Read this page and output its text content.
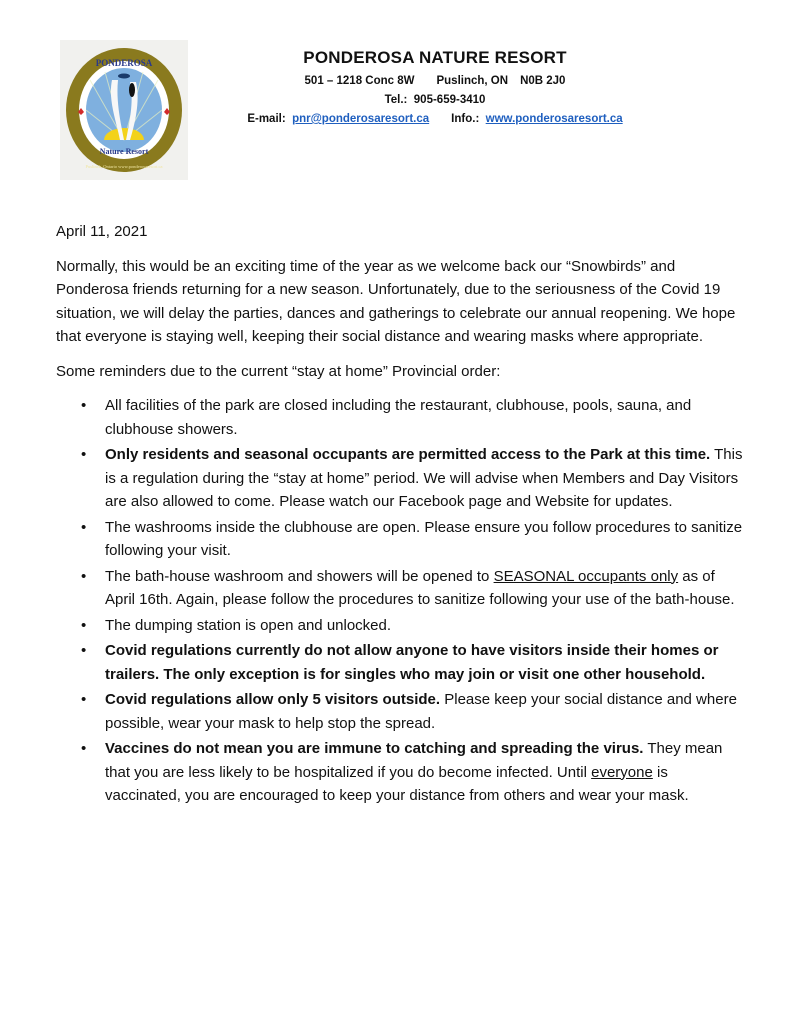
PONDEROSA
Nature Resort
Puslinch, Ontario www.ponderosaresort.ca
PONDEROSA NATURE RESORT
501 – 1218 Conc 8W Puslinch, ON N0B 2J0
Tel.: 905-659-3410
E-mail: pnr@ponderosaresort.ca Info.: www.ponderosaresort.ca
April 11, 2021

Normally, this would be an exciting time of the year as we welcome back our “Snowbirds” and Ponderosa friends returning for a new season. Unfortunately, due to the seriousness of the Covid 19 situation, we will delay the parties, dances and gatherings to celebrate our annual reopening. We hope that everyone is staying well, keeping their social distance and wearing masks where appropriate.

Some reminders due to the current “stay at home” Provincial order:

• All facilities of the park are closed including the restaurant, clubhouse, pools, sauna, and clubhouse showers.
• Only residents and seasonal occupants are permitted access to the Park at this time. This is a regulation during the “stay at home” period. We will advise when Members and Day Visitors are also allowed to come. Please watch our Facebook page and Website for updates.
• The washrooms inside the clubhouse are open. Please ensure you follow procedures to sanitize following your visit.
• The bath-house washroom and showers will be opened to SEASONAL occupants only as of April 16th. Again, please follow the procedures to sanitize following your use of the bath-house.
• The dumping station is open and unlocked.
• Covid regulations currently do not allow anyone to have visitors inside their homes or trailers. The only exception is for singles who may join or visit one other household.
• Covid regulations allow only 5 visitors outside. Please keep your social distance and where possible, wear your mask to help stop the spread.
• Vaccines do not mean you are immune to catching and spreading the virus. They mean that you are less likely to be hospitalized if you do become infected. Until everyone is vaccinated, you are encouraged to keep your distance from others and wear your mask.
